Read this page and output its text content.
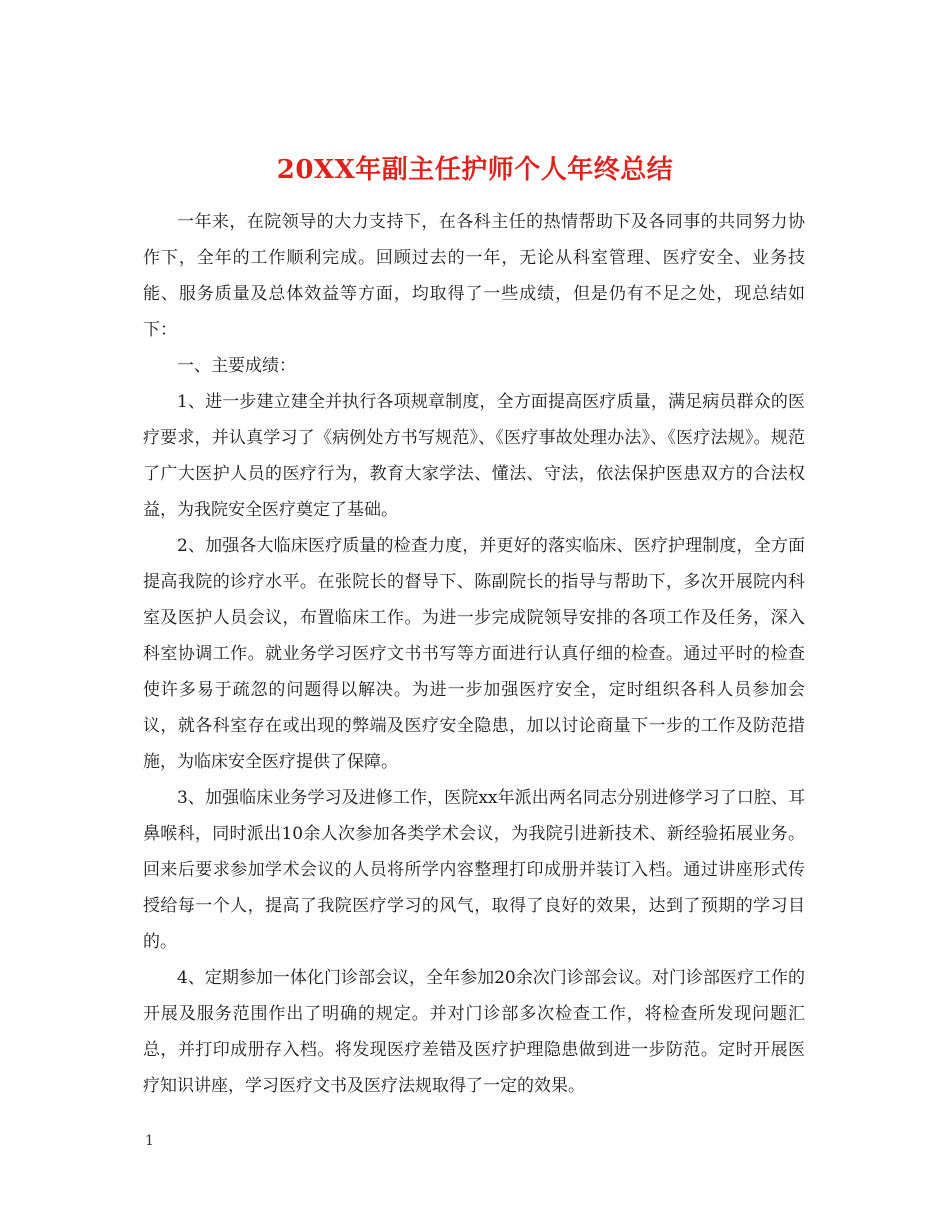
20XX年副主任护师个人年终总结

一年来，在院领导的大力支持下，在各科主任的热情帮助下及各同事的共同努力协作下，全年的工作顺利完成。回顾过去的一年，无论从科室管理、医疗安全、业务技能、服务质量及总体效益等方面，均取得了一些成绩，但是仍有不足之处，现总结如下：

一、主要成绩：

1、进一步建立建全并执行各项规章制度，全方面提高医疗质量，满足病员群众的医疗要求，并认真学习了《病例处方书写规范》、《医疗事故处理办法》、《医疗法规》。规范了广大医护人员的医疗行为，教育大家学法、懂法、守法，依法保护医患双方的合法权益，为我院安全医疗奠定了基础。

2、加强各大临床医疗质量的检查力度，并更好的落实临床、医疗护理制度，全方面提高我院的诊疗水平。在张院长的督导下、陈副院长的指导与帮助下，多次开展院内科室及医护人员会议，布置临床工作。为进一步完成院领导安排的各项工作及任务，深入科室协调工作。就业务学习医疗文书书写等方面进行认真仔细的检查。通过平时的检查使许多易于疏忽的问题得以解决。为进一步加强医疗安全，定时组织各科人员参加会议，就各科室存在或出现的弊端及医疗安全隐患，加以讨论商量下一步的工作及防范措施，为临床安全医疗提供了保障。

3、加强临床业务学习及进修工作，医院xx年派出两名同志分别进修学习了口腔、耳鼻喉科，同时派出10余人次参加各类学术会议，为我院引进新技术、新经验拓展业务。回来后要求参加学术会议的人员将所学内容整理打印成册并装订入档。通过讲座形式传授给每一个人，提高了我院医疗学习的风气，取得了良好的效果，达到了预期的学习目的。

4、定期参加一体化门诊部会议，全年参加20余次门诊部会议。对门诊部医疗工作的开展及服务范围作出了明确的规定。并对门诊部多次检查工作，将检查所发现问题汇总，并打印成册存入档。将发现医疗差错及医疗护理隐患做到进一步防范。定时开展医疗知识讲座，学习医疗文书及医疗法规取得了一定的效果。

1
